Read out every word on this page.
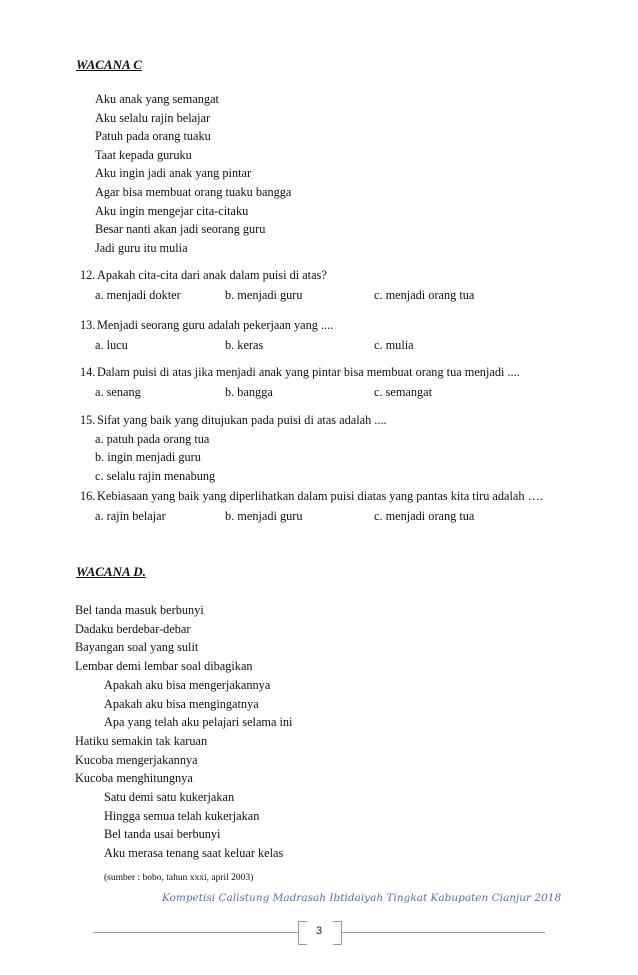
WACANA C
Aku anak yang semangat
Aku selalu rajin belajar
Patuh pada orang tuaku
Taat kepada guruku
Aku ingin jadi anak yang pintar
Agar bisa membuat orang tuaku bangga
Aku ingin mengejar cita-citaku
Besar nanti akan jadi seorang guru
Jadi guru itu mulia
12. Apakah cita-cita dari anak dalam puisi di atas?
a. menjadi dokter	b. menjadi guru	c. menjadi orang tua
13. Menjadi seorang guru adalah pekerjaan yang ....
a. lucu	b. keras	c. mulia
14. Dalam puisi di atas jika menjadi anak yang pintar bisa membuat orang tua menjadi ....
a. senang	b. bangga	c. semangat
15. Sifat yang baik yang ditujukan pada puisi di atas adalah ....
a. patuh pada orang tua
b. ingin menjadi guru
c. selalu rajin menabung
16. Kebiasaan yang baik yang diperlihatkan dalam puisi diatas yang pantas kita tiru adalah ….
a. rajin belajar	b. menjadi guru	c. menjadi orang tua
WACANA D.
Bel tanda masuk berbunyi
Dadaku berdebar-debar
Bayangan soal yang sulit
Lembar demi lembar soal dibagikan
Apakah aku bisa mengerjakannya
Apakah aku bisa mengingatnya
Apa yang telah aku pelajari selama ini
Hatiku semakin tak karuan
Kucoba mengerjakannya
Kucoba menghitungnya
Satu demi satu kukerjakan
Hingga semua telah kukerjakan
Bel tanda usai berbunyi
Aku merasa tenang saat keluar kelas
(sumber : bobo, tahun xxxi, april 2003)
Kompetisi Calistung Madrasah Ibtidaiyah Tingkat Kabupaten Cianjur 2018
3
